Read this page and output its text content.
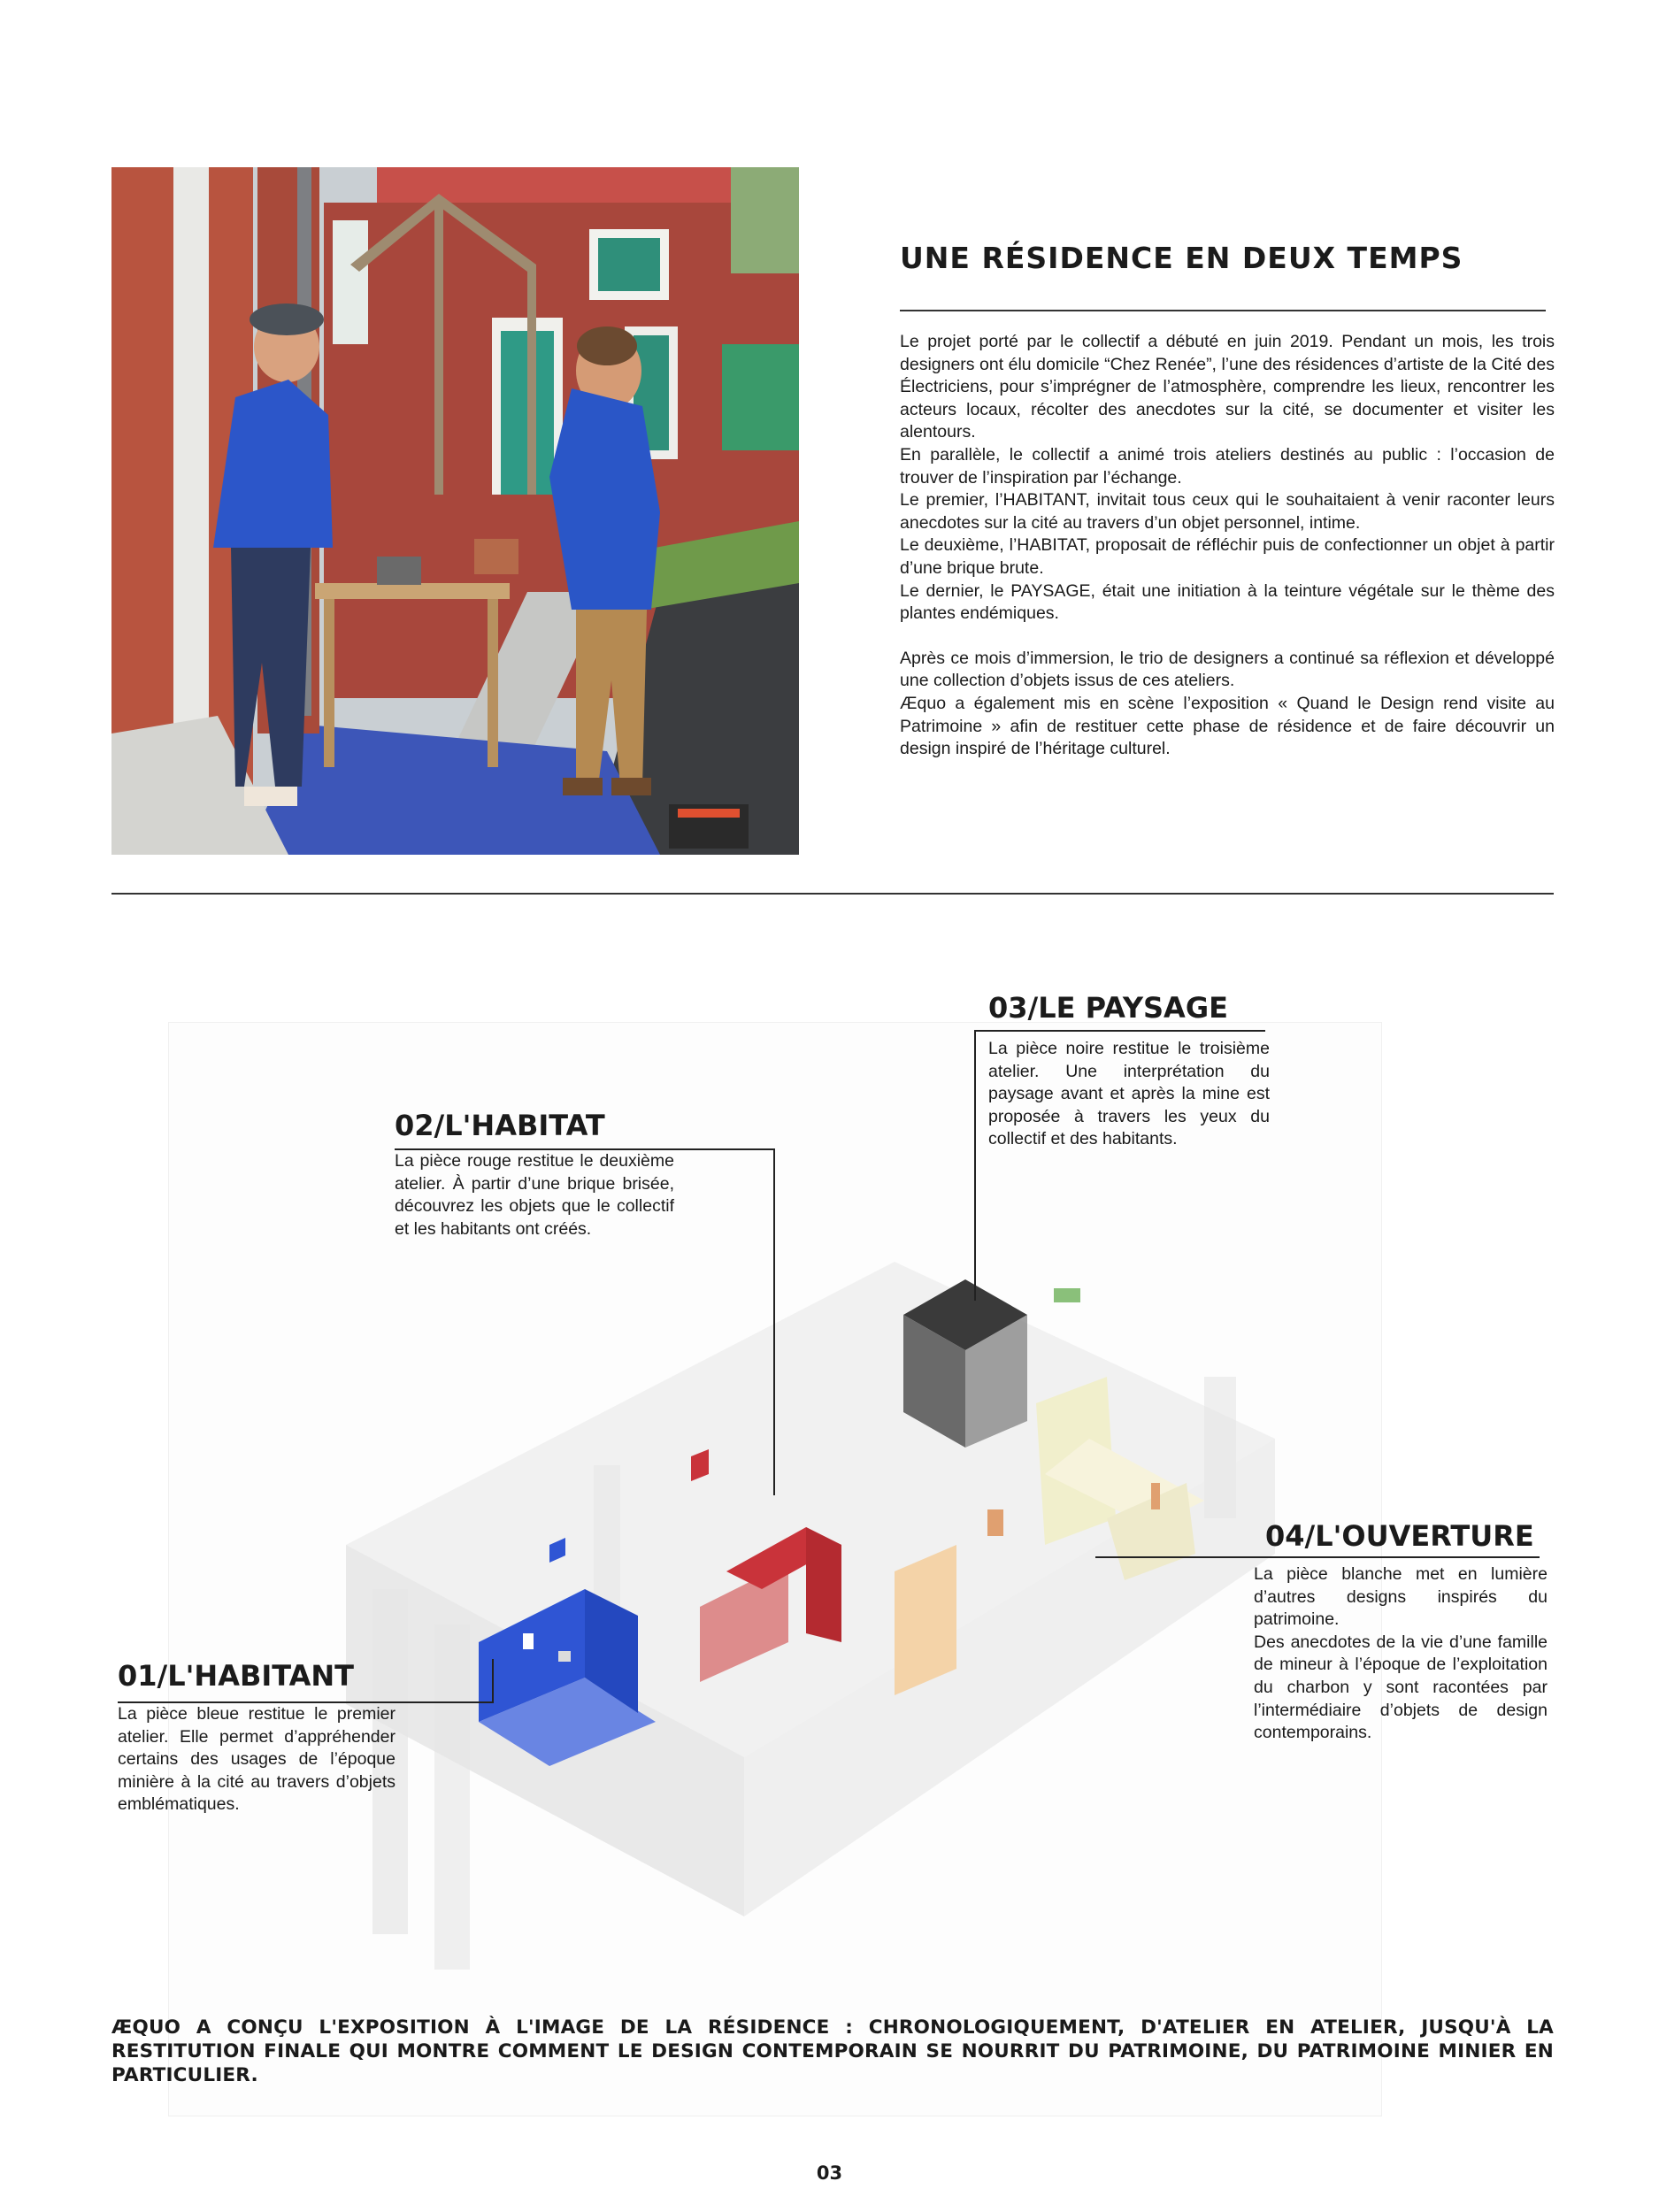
UNE RÉSIDENCE EN DEUX TEMPS

Le projet porté par le collectif a débuté en juin 2019. Pendant un mois, les trois designers ont élu domicile “Chez Renée”, l’une des résidences d’artiste de la Cité des Électriciens, pour s’imprégner de l’atmosphère, comprendre les lieux, rencontrer les acteurs locaux, récolter des anecdotes sur la cité, se documenter et visiter les alentours.

En parallèle, le collectif a animé trois ateliers destinés au public : l’occasion de trouver de l’inspiration par l’échange.

Le premier, l’HABITANT, invitait tous ceux qui le souhaitaient à venir raconter leurs anecdotes sur la cité au travers d’un objet personnel, intime.

Le deuxième, l’HABITAT, proposait de réfléchir puis de confectionner un objet à partir d’une brique brute.

Le dernier, le PAYSAGE, était une initiation à la teinture végétale sur le thème des plantes endémiques.

Après ce mois d’immersion, le trio de designers a continué sa réflexion et développé une collection d’objets issus de ces ateliers.

Æquo a également mis en scène l’exposition « Quand le Design rend visite au Patrimoine » afin de restituer cette phase de résidence et de faire découvrir un design inspiré de l’héritage culturel.

03/LE PAYSAGE

La pièce noire restitue le troisième atelier. Une interprétation du paysage avant et après la mine est proposée à travers les yeux du collectif et des habitants.

02/L'HABITAT

La pièce rouge restitue le deuxième atelier. À partir d’une brique brisée, découvrez les objets que le collectif et les habitants ont créés.

04/L'OUVERTURE

La pièce blanche met en lumière d’autres designs inspirés du patrimoine.

Des anecdotes de la vie d’une famille de mineur à l’époque de l’exploitation du charbon y sont racontées par l’intermédiaire d’objets de design contemporains.

01/L'HABITANT

La pièce bleue restitue le premier atelier. Elle permet d’appréhender certains des usages de l’époque minière à la cité au travers d’objets emblématiques.

ÆQUO A CONÇU L'EXPOSITION À L'IMAGE DE LA RÉSIDENCE : CHRONOLOGIQUEMENT, D'ATELIER EN ATELIER, JUSQU'À LA RESTITUTION FINALE QUI MONTRE COMMENT LE DESIGN CONTEMPORAIN SE NOURRIT DU PATRIMOINE, DU PATRIMOINE MINIER EN PARTICULIER.

03
